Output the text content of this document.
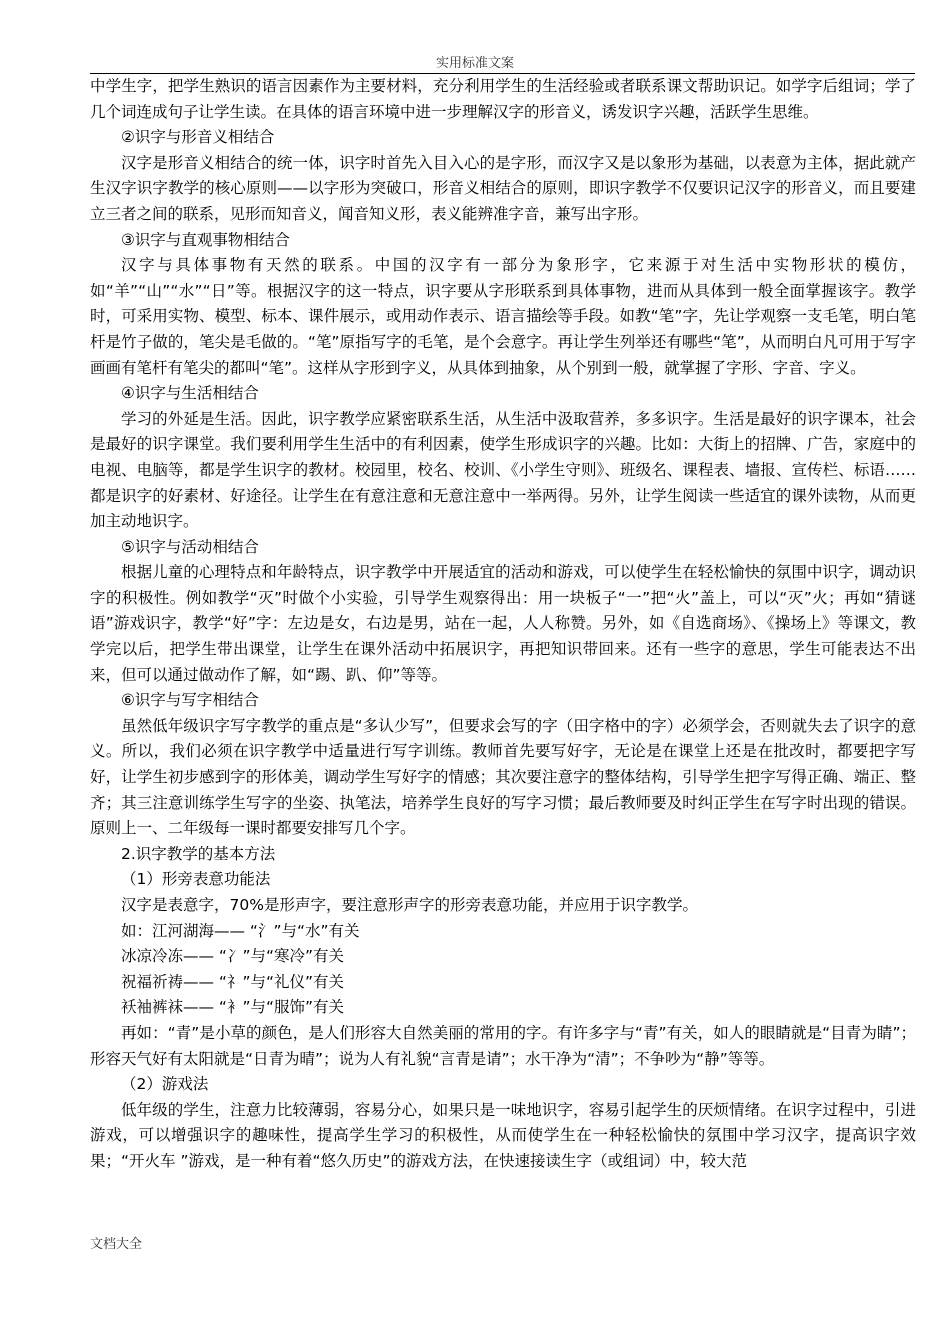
实用标准文案

中学生字，把学生熟识的语言因素作为主要材料，充分利用学生的生活经验或者联系课文帮助识记。如学字后组词；学了几个词连成句子让学生读。在具体的语言环境中进一步理解汉字的形音义，诱发识字兴趣，活跃学生思维。

②识字与形音义相结合

汉字是形音义相结合的统一体，识字时首先入目入心的是字形，而汉字又是以象形为基础，以表意为主体，据此就产生汉字识字教学的核心原则——以字形为突破口，形音义相结合的原则，即识字教学不仅要识记汉字的形音义，而且要建立三者之间的联系，见形而知音义，闻音知义形，表义能辨准字音，兼写出字形。

③识字与直观事物相结合

汉字与具体事物有天然的联系。中国的汉字有一部分为象形字，它来源于对生活中实物形状的模仿，如“羊”“山”“水”“日”等。根据汉字的这一特点，识字要从字形联系到具体事物，进而从具体到一般全面掌握该字。教学时，可采用实物、模型、标本、课件展示，或用动作表示、语言描绘等手段。如教“笔”字，先让学观察一支毛笔，明白笔杆是竹子做的，笔尖是毛做的。“笔”原指写字的毛笔，是个会意字。再让学生列举还有哪些“笔”，从而明白凡可用于写字画画有笔杆有笔尖的都叫“笔”。这样从字形到字义，从具体到抽象，从个别到一般，就掌握了字形、字音、字义。

④识字与生活相结合

学习的外延是生活。因此，识字教学应紧密联系生活，从生活中汲取营养，多多识字。生活是最好的识字课本，社会是最好的识字课堂。我们要利用学生生活中的有利因素，使学生形成识字的兴趣。比如：大街上的招牌、广告，家庭中的电视、电脑等，都是学生识字的教材。校园里，校名、校训、《小学生守则》、班级名、课程表、墙报、宣传栏、标语……都是识字的好素材、好途径。让学生在有意注意和无意注意中一举两得。另外，让学生阅读一些适宜的课外读物，从而更加主动地识字。

⑤识字与活动相结合

根据儿童的心理特点和年龄特点，识字教学中开展适宜的活动和游戏，可以使学生在轻松愉快的氛围中识字，调动识字的积极性。例如教学“灭”时做个小实验，引导学生观察得出：用一块板子“一”把“火”盖上，可以“灭”火；再如“猜谜语”游戏识字，教学“好”字：左边是女，右边是男，站在一起，人人称赞。另外，如《自选商场》、《操场上》等课文，教学完以后，把学生带出课堂，让学生在课外活动中拓展识字，再把知识带回来。还有一些字的意思，学生可能表达不出来，但可以通过做动作了解，如“踢、趴、仰”等等。

⑥识字与写字相结合

虽然低年级识字写字教学的重点是“多认少写”，但要求会写的字（田字格中的字）必须学会，否则就失去了识字的意义。所以，我们必须在识字教学中适量进行写字训练。教师首先要写好字，无论是在课堂上还是在批改时，都要把字写好，让学生初步感到字的形体美，调动学生写好字的情感；其次要注意字的整体结构，引导学生把字写得正确、端正、整齐；其三注意训练学生写字的坐姿、执笔法，培养学生良好的写字习惯；最后教师要及时纠正学生在写字时出现的错误。原则上一、二年级每一课时都要安排写几个字。

2.识字教学的基本方法

（1）形旁表意功能法

汉字是表意字，70%是形声字，要注意形声字的形旁表意功能，并应用于识字教学。

如：江河湖海—— “氵”与“水”有关

冰凉冷冻—— “冫”与“寒冷”有关

祝福祈祷—— “礻”与“礼仪”有关

袄袖裤袜—— “衤”与“服饰”有关

再如：“青”是小草的颜色，是人们形容大自然美丽的常用的字。有许多字与“青”有关，如人的眼睛就是“目青为睛”；形容天气好有太阳就是“日青为晴”；说为人有礼貌“言青是请”；水干净为“清”；不争吵为“静”等等。

（2）游戏法

低年级的学生，注意力比较薄弱，容易分心，如果只是一味地识字，容易引起学生的厌烦情绪。在识字过程中，引进游戏，可以增强识字的趣味性，提高学生学习的积极性，从而使学生在一种轻松愉快的氛围中学习汉字，提高识字效果；“开火车 ”游戏，是一种有着“悠久历史”的游戏方法，在快速接读生字（或组词）中，较大范

文档大全
